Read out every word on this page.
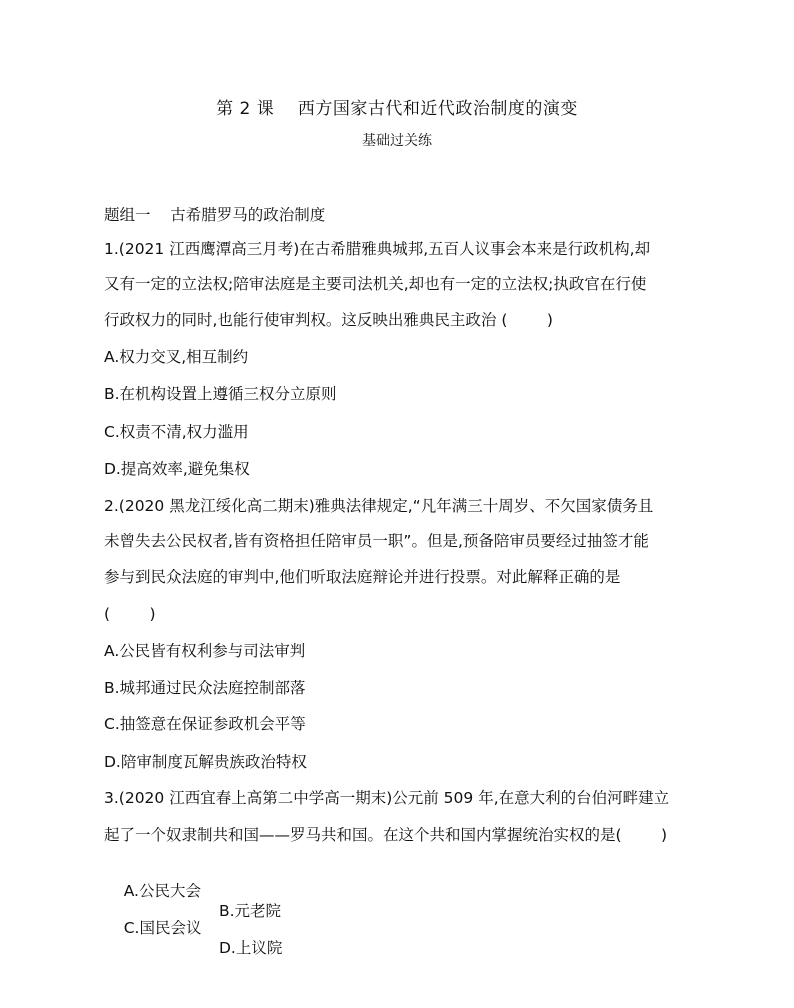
第 2 课    西方国家古代和近代政治制度的演变
基础过关练
题组一    古希腊罗马的政治制度
1.(2021 江西鹰潭高三月考)在古希腊雅典城邦,五百人议事会本来是行政机构,却
又有一定的立法权;陪审法庭是主要司法机关,却也有一定的立法权;执政官在行使
行政权力的同时,也能行使审判权。这反映出雅典民主政治 (        )
A.权力交叉,相互制约
B.在机构设置上遵循三权分立原则
C.权责不清,权力滥用
D.提高效率,避免集权
2.(2020 黑龙江绥化高二期末)雅典法律规定,“凡年满三十周岁、不欠国家债务且
未曾失去公民权者,皆有资格担任陪审员一职”。但是,预备陪审员要经过抽签才能
参与到民众法庭的审判中,他们听取法庭辩论并进行投票。对此解释正确的是
(        )
A.公民皆有权利参与司法审判
B.城邦通过民众法庭控制部落
C.抽签意在保证参政机会平等
D.陪审制度瓦解贵族政治特权
3.(2020 江西宜春上高第二中学高一期末)公元前 509 年,在意大利的台伯河畔建立
起了一个奴隶制共和国——罗马共和国。在这个共和国内掌握统治实权的是(        )

A.公民大会

B.元老院

C.国民会议

D.上议院
